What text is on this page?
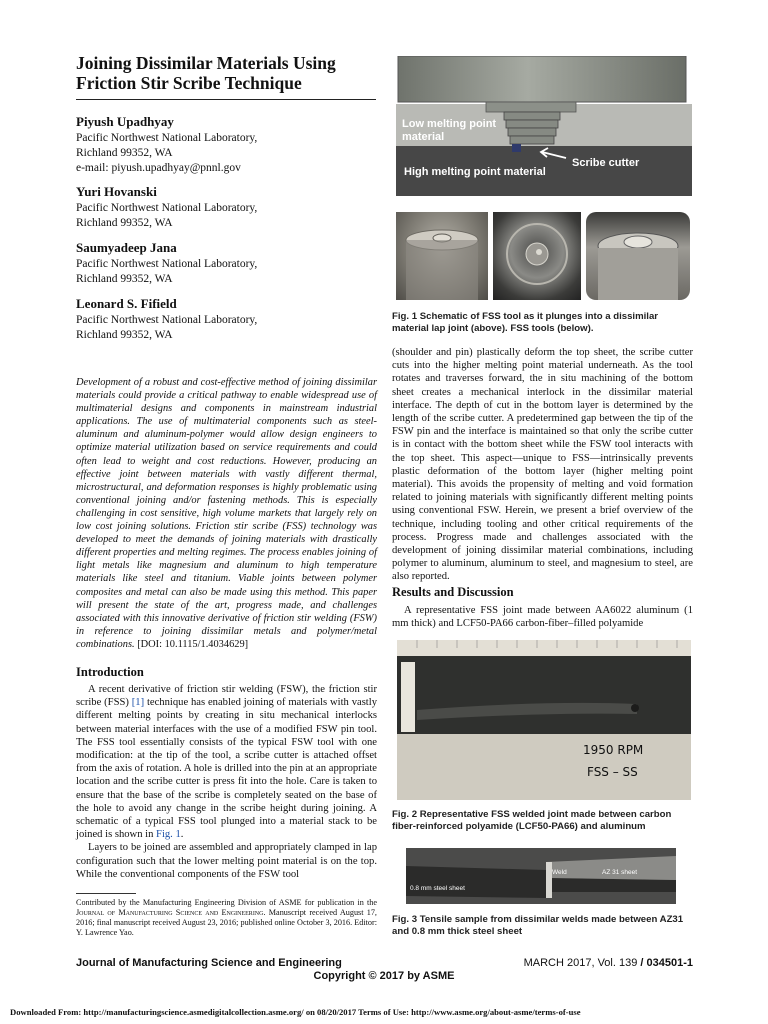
Joining Dissimilar Materials Using
Friction Stir Scribe Technique
Piyush Upadhyay
Pacific Northwest National Laboratory,
Richland 99352, WA
e-mail: piyush.upadhyay@pnnl.gov
Yuri Hovanski
Pacific Northwest National Laboratory,
Richland 99352, WA
Saumyadeep Jana
Pacific Northwest National Laboratory,
Richland 99352, WA
Leonard S. Fifield
Pacific Northwest National Laboratory,
Richland 99352, WA
Development of a robust and cost-effective method of joining dissimilar materials could provide a critical pathway to enable widespread use of multimaterial designs and components in mainstream industrial applications. The use of multimaterial components such as steel-aluminum and aluminum-polymer would allow design engineers to optimize material utilization based on service requirements and could often lead to weight and cost reductions. However, producing an effective joint between materials with vastly different thermal, microstructural, and deformation responses is highly problematic using conventional joining and/or fastening methods. This is especially challenging in cost sensitive, high volume markets that largely rely on low cost joining solutions. Friction stir scribe (FSS) technology was developed to meet the demands of joining materials with drastically different properties and melting regimes. The process enables joining of light metals like magnesium and aluminum to high temperature materials like steel and titanium. Viable joints between polymer composites and metal can also be made using this method. This paper will present the state of the art, progress made, and challenges associated with this innovative derivative of friction stir welding (FSW) in reference to joining dissimilar metals and polymer/metal combinations. [DOI: 10.1115/1.4034629]
Introduction

A recent derivative of friction stir welding (FSW), the friction stir scribe (FSS) [1] technique has enabled joining of materials with vastly different melting points by creating in situ mechanical interlocks between material interfaces with the use of a modified FSW pin tool. The FSS tool essentially consists of the typical FSW tool with one modification: at the tip of the tool, a scribe cutter is attached offset from the axis of rotation. A hole is drilled into the pin at an appropriate location and the scribe cutter is press fit into the hole. Care is taken to ensure that the base of the scribe is completely seated on the base of the hole to avoid any change in the scribe height during joining. A schematic of a typical FSS tool plunged into a material stack to be joined is shown in Fig. 1.

Layers to be joined are assembled and appropriately clamped in lap configuration such that the lower melting point material is on the top. While the conventional components of the FSW tool

Contributed by the Manufacturing Engineering Division of ASME for publication in the Journal of Manufacturing Science and Engineering. Manuscript received August 17, 2016; final manuscript received August 23, 2016; published online October 3, 2016. Editor: Y. Lawrence Yao.
Low melting point
material
Scribe cutter
High melting point material
Fig. 1 Schematic of FSS tool as it plunges into a dissimilar material lap joint (above). FSS tools (below).

(shoulder and pin) plastically deform the top sheet, the scribe cutter cuts into the higher melting point material underneath. As the tool rotates and traverses forward, the in situ machining of the bottom sheet creates a mechanical interlock in the dissimilar material interface. The depth of cut in the bottom layer is determined by the length of the scribe cutter. A predetermined gap between the tip of the FSW pin and the interface is maintained so that only the scribe cutter is in contact with the bottom sheet while the FSW tool interacts with the top sheet. This aspect—unique to FSS—intrinsically prevents plastic deformation of the bottom layer (higher melting point material). This avoids the propensity of melting and void formation related to joining materials with significantly different melting points using conventional FSW. Herein, we present a brief overview of the technique, including tooling and other critical requirements of the process. Progress made and challenges associated with the development of joining dissimilar material combinations, including polymer to aluminum, aluminum to steel, and magnesium to steel, are also reported.

Results and Discussion

A representative FSS joint made between AA6022 aluminum (1 mm thick) and LCF50-PA66 carbon-fiber–filled polyamide

1950 RPM
FSS – SS
Fig. 2 Representative FSS welded joint made between carbon fiber-reinforced polyamide (LCF50-PA66) and aluminum
0.8 mm steel sheet
Weld	AZ 31 sheet
Fig. 3 Tensile sample from dissimilar welds made between AZ31 and 0.8 mm thick steel sheet
Journal of Manufacturing Science and Engineering	MARCH 2017, Vol. 139 / 034501-1
Copyright © 2017 by ASME
Downloaded From: http://manufacturingscience.asmedigitalcollection.asme.org/ on 08/20/2017 Terms of Use: http://www.asme.org/about-asme/terms-of-use
